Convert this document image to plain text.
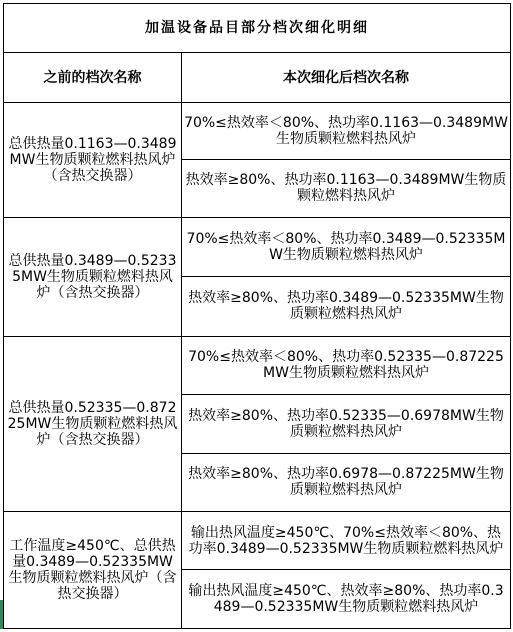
加温设备品目部分档次细化明细	
之前的档次名称	本次细化后档次名称
总供热量0.1163—0.3489MW生物质颗粒燃料热风炉（含热交换器）	70%≤热效率＜80%、热功率0.1163—0.3489MW生物质颗粒燃料热风炉
	热效率≥80%、热功率0.1163—0.3489MW生物质颗粒燃料热风炉
总供热量0.3489—0.52335MW生物质颗粒燃料热风炉（含热交换器）	70%≤热效率＜80%、热功率0.3489—0.52335MW生物质颗粒燃料热风炉
	热效率≥80%、热功率0.3489—0.52335MW生物质颗粒燃料热风炉
总供热量0.52335—0.87225MW生物质颗粒燃料热风炉（含热交换器）	70%≤热效率＜80%、热功率0.52335—0.87225MW生物质颗粒燃料热风炉
	热效率≥80%、热功率0.52335—0.6978MW生物质颗粒燃料热风炉
	热效率≥80%、热功率0.6978—0.87225MW生物质颗粒燃料热风炉
工作温度≥450℃、总供热量0.3489—0.52335MW生物质颗粒燃料热风炉（含热交换器）	输出热风温度≥450℃、70%≤热效率＜80%、热功率0.3489—0.52335MW生物质颗粒燃料热风炉
	输出热风温度≥450℃、热效率≥80%、热功率0.3489—0.52335MW生物质颗粒燃料热风炉
